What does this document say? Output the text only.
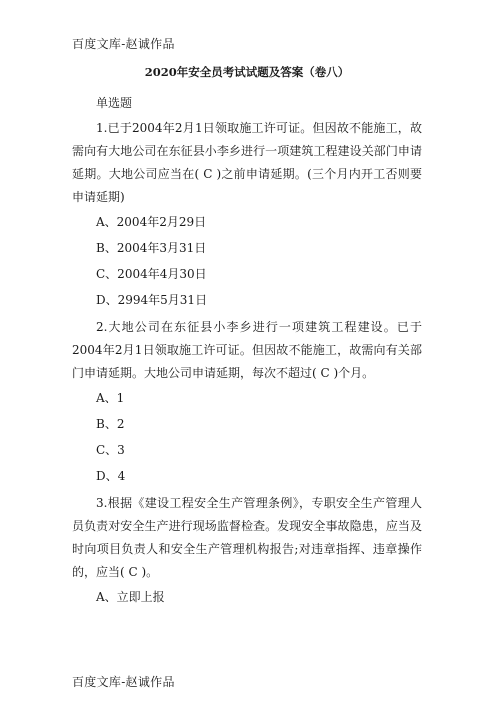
百度文库-赵诚作品
2020年安全员考试试题及答案（卷八）
单选题

1.已于2004年2月1日领取施工许可证。但因故不能施工，故需向有大地公司在东征县小李乡进行一项建筑工程建设关部门申请延期。大地公司应当在( C )之前申请延期。(三个月内开工否则要申请延期)

A、2004年2月29日
B、2004年3月31日
C、2004年4月30日
D、2994年5月31日

2.大地公司在东征县小李乡进行一项建筑工程建设。已于 2004年2月1日领取施工许可证。但因故不能施工，故需向有关部门申请延期。大地公司申请延期，每次不超过( C )个月。

A、1
B、2
C、3
D、4

3.根据《建设工程安全生产管理条例》，专职安全生产管理人员负责对安全生产进行现场监督检查。发现安全事故隐患，应当及时向项目负责人和安全生产管理机构报告;对违章指挥、违章操作的，应当( C )。

A、立即上报
百度文库-赵诚作品
